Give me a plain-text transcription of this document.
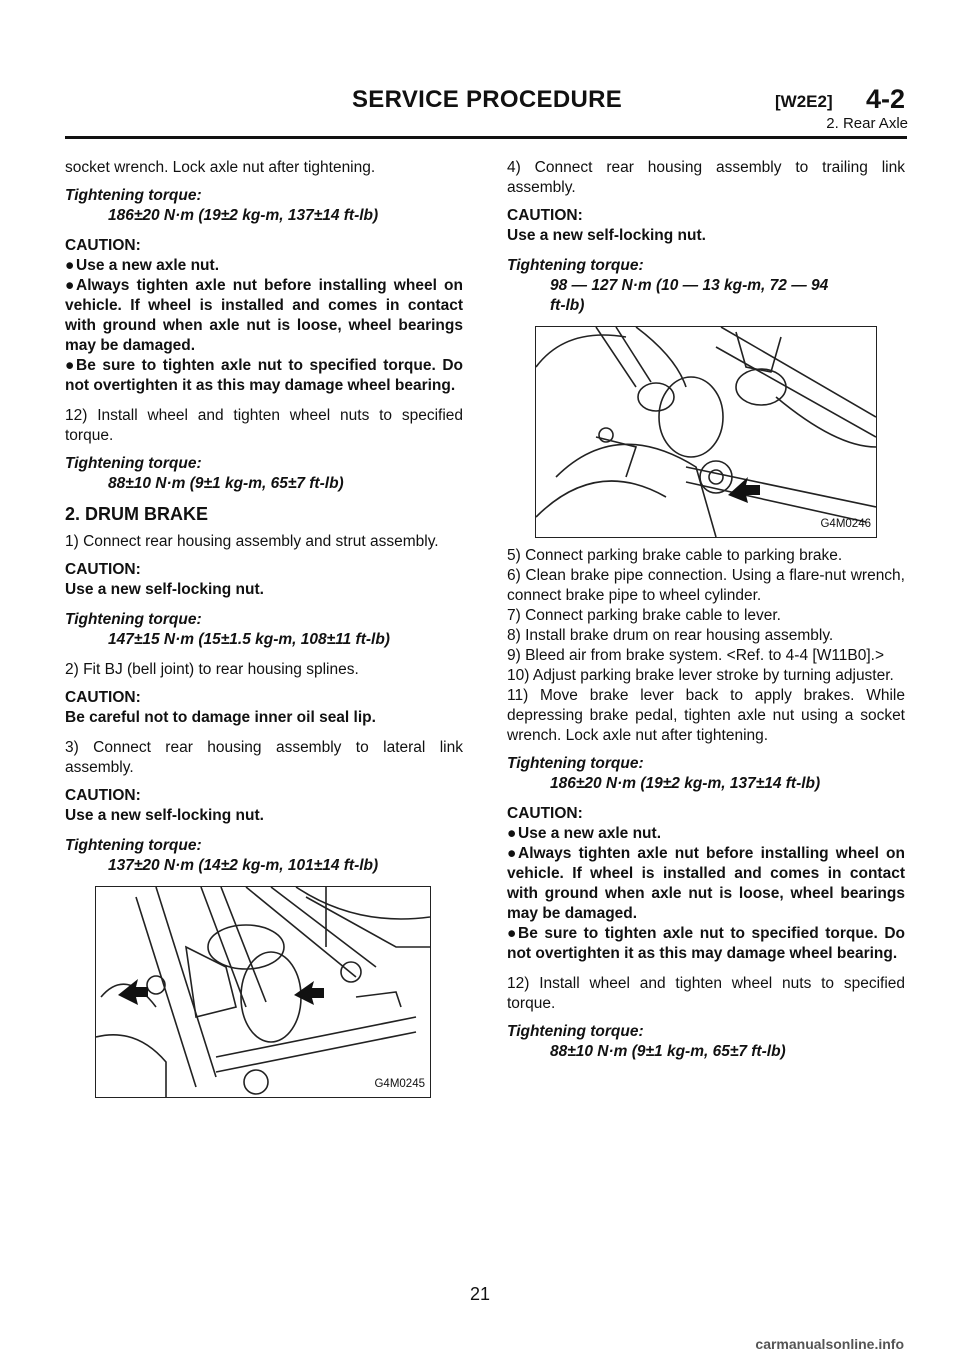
SERVICE PROCEDURE	[W2E2] 4-2
2. Rear Axle

socket wrench. Lock axle nut after tightening.

Tightening torque:

186±20 N·m (19±2 kg-m, 137±14 ft-lb)

CAUTION:
● Use a new axle nut.
● Always tighten axle nut before installing wheel on vehicle. If wheel is installed and comes in contact with ground when axle nut is loose, wheel bearings may be damaged.
● Be sure to tighten axle nut to specified torque. Do not overtighten it as this may damage wheel bearing.

12) Install wheel and tighten wheel nuts to specified torque.

Tightening torque:

88±10 N·m (9±1 kg-m, 65±7 ft-lb)

2. DRUM BRAKE

1) Connect rear housing assembly and strut assembly.

CAUTION:
Use a new self-locking nut.

Tightening torque:

147±15 N·m (15±1.5 kg-m, 108±11 ft-lb)

2) Fit BJ (bell joint) to rear housing splines.

CAUTION:
Be careful not to damage inner oil seal lip.

3) Connect rear housing assembly to lateral link assembly.

CAUTION:
Use a new self-locking nut.

Tightening torque:

137±20 N·m (14±2 kg-m, 101±14 ft-lb)

G4M0245

4) Connect rear housing assembly to trailing link assembly.

CAUTION:
Use a new self-locking nut.

Tightening torque:

98 — 127 N·m (10 — 13 kg-m, 72 — 94

ft-lb)

G4M0246

5) Connect parking brake cable to parking brake.

6) Clean brake pipe connection. Using a flare-nut wrench, connect brake pipe to wheel cylinder.

7) Connect parking brake cable to lever.

8) Install brake drum on rear housing assembly.

9) Bleed air from brake system. <Ref. to 4-4 [W11B0].>

10) Adjust parking brake lever stroke by turning adjuster.

11) Move brake lever back to apply brakes. While depressing brake pedal, tighten axle nut using a socket wrench. Lock axle nut after tightening.

Tightening torque:

186±20 N·m (19±2 kg-m, 137±14 ft-lb)

CAUTION:
● Use a new axle nut.
● Always tighten axle nut before installing wheel on vehicle. If wheel is installed and comes in contact with ground when axle nut is loose, wheel bearings may be damaged.
● Be sure to tighten axle nut to specified torque. Do not overtighten it as this may damage wheel bearing.

12) Install wheel and tighten wheel nuts to specified torque.

Tightening torque:

88±10 N·m (9±1 kg-m, 65±7 ft-lb)

21
carmanualsonline.info
